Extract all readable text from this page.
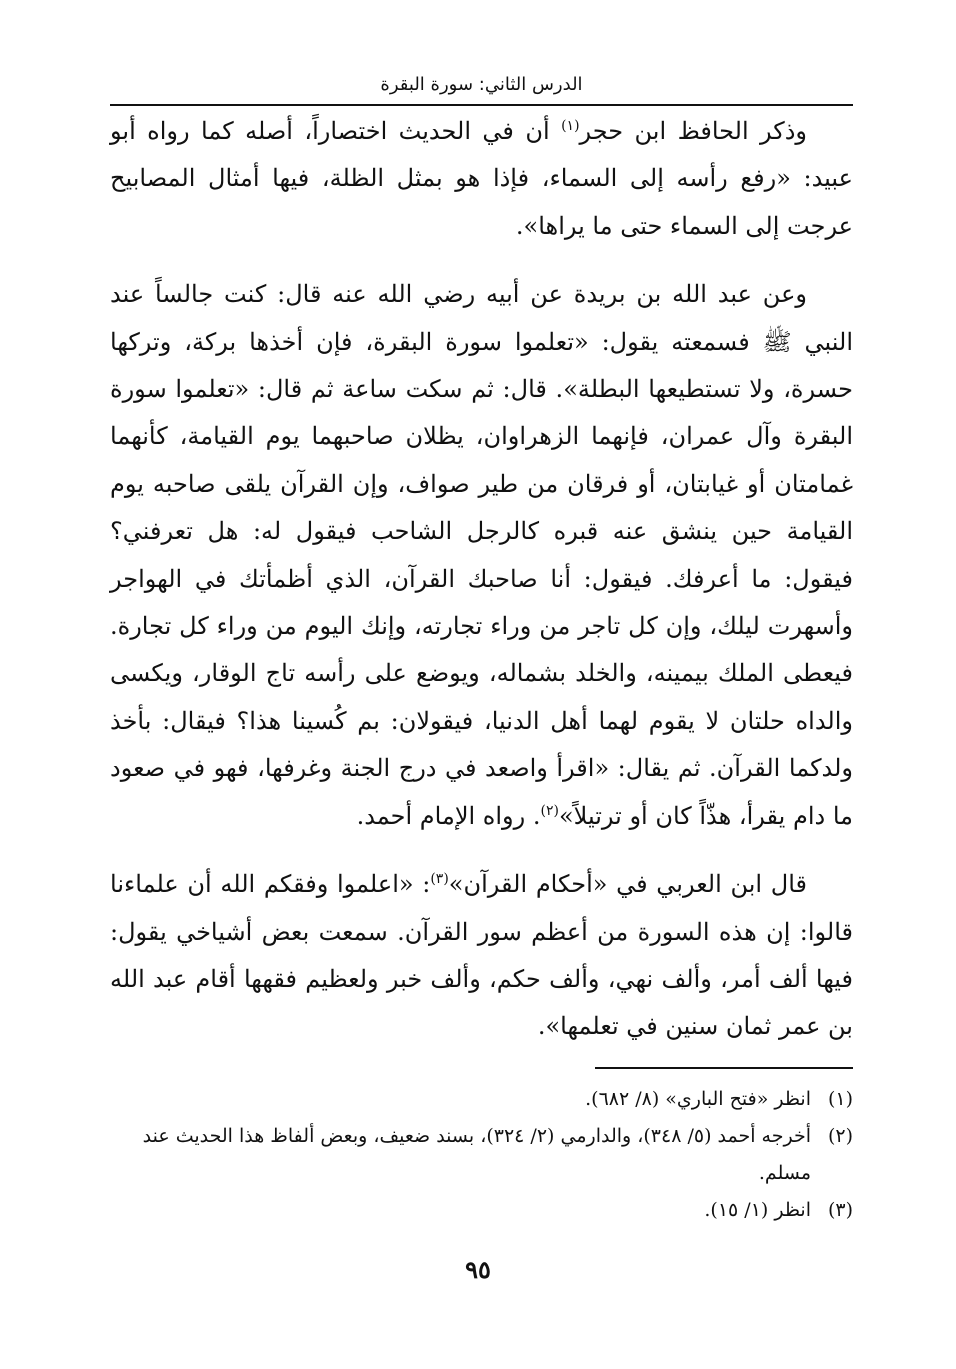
الدرس الثاني: سورة البقرة

وذكر الحافظ ابن حجر$^{(١)}$ أن في الحديث اختصاراً، أصله كما رواه أبو عبيد: «رفع رأسه إلى السماء، فإذا هو بمثل الظلة، فيها أمثال المصابيح عرجت إلى السماء حتى ما يراها».

وعن عبد الله بن بريدة عن أبيه رضي الله عنه قال: كنت جالساً عند النبي ﷺ فسمعته يقول: «تعلموا سورة البقرة، فإن أخذها بركة، وتركها حسرة، ولا تستطيعها البطلة». قال: ثم سكت ساعة ثم قال: «تعلموا سورة البقرة وآل عمران، فإنهما الزهراوان، يظلان صاحبهما يوم القيامة، كأنهما غمامتان أو غيابتان، أو فرقان من طير صواف، وإن القرآن يلقى صاحبه يوم القيامة حين ينشق عنه قبره كالرجل الشاحب فيقول له: هل تعرفني؟ فيقول: ما أعرفك. فيقول: أنا صاحبك القرآن، الذي أظمأتك في الهواجر وأسهرت ليلك، وإن كل تاجر من وراء تجارته، وإنك اليوم من وراء كل تجارة. فيعطى الملك بيمينه، والخلد بشماله، ويوضع على رأسه تاج الوقار، ويكسى والداه حلتان لا يقوم لهما أهل الدنيا، فيقولان: بم كُسينا هذا؟ فيقال: بأخذ ولدكما القرآن. ثم يقال: «اقرأ واصعد في درج الجنة وغرفها، فهو في صعود ما دام يقرأ، هذّاً كان أو ترتيلاً»$^{(٢)}$. رواه الإمام أحمد.

قال ابن العربي في «أحكام القرآن»$^{(٣)}$: «اعلموا وفقكم الله أن علماءنا قالوا: إن هذه السورة من أعظم سور القرآن. سمعت بعض أشياخي يقول: فيها ألف أمر، وألف نهي، وألف حكم، وألف خبر ولعظيم فقهها أقام عبد الله بن عمر ثمان سنين في تعلمها».

(١)
انظر «فتح الباري» (٨/ ٦٨٢).
(٢)
أخرجه أحمد (٥/ ٣٤٨)، والدارمي (٢/ ٣٢٤)، بسند ضعيف، وبعض ألفاظ هذا الحديث عند مسلم.
(٣)
انظر (١/ ١٥).
٩٥
